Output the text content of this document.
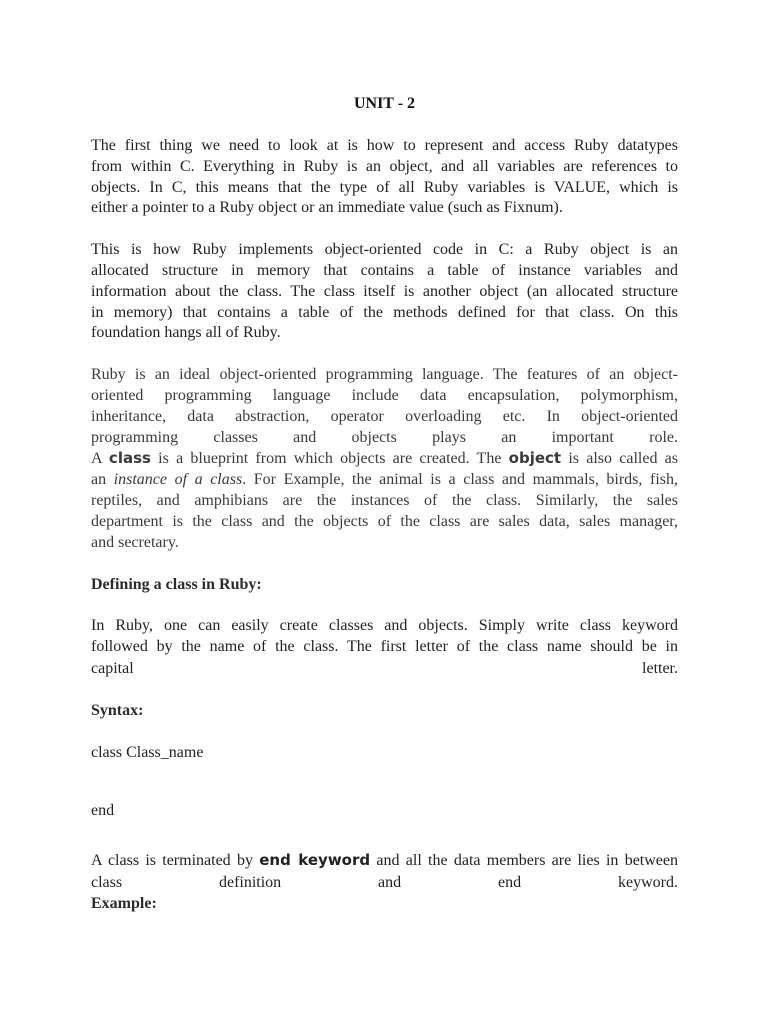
UNIT - 2
The first thing we need to look at is how to represent and access Ruby datatypes
from within C. Everything in Ruby is an object, and all variables are references to
objects. In C, this means that the type of all Ruby variables is VALUE, which is
either a pointer to a Ruby object or an immediate value (such as Fixnum).
This is how Ruby implements object-oriented code in C: a Ruby object is an
allocated structure in memory that contains a table of instance variables and
information about the class. The class itself is another object (an allocated structure
in memory) that contains a table of the methods defined for that class. On this
foundation hangs all of Ruby.
Ruby is an ideal object-oriented programming language. The features of an object-
oriented programming language include data encapsulation, polymorphism,
inheritance, data abstraction, operator overloading etc. In object-oriented
programming classes and objects plays an important role.
A class is a blueprint from which objects are created. The object is also called as
an instance of a class. For Example, the animal is a class and mammals, birds, fish,
reptiles, and amphibians are the instances of the class. Similarly, the sales
department is the class and the objects of the class are sales data, sales manager,
and secretary.
Defining a class in Ruby:
In Ruby, one can easily create classes and objects. Simply write class keyword
followed by the name of the class. The first letter of the class name should be in
capital	letter.
Syntax:
class Class_name
end
A class is terminated by end keyword and all the data members are lies in between
class	definition	and	end	keyword.
Example:
